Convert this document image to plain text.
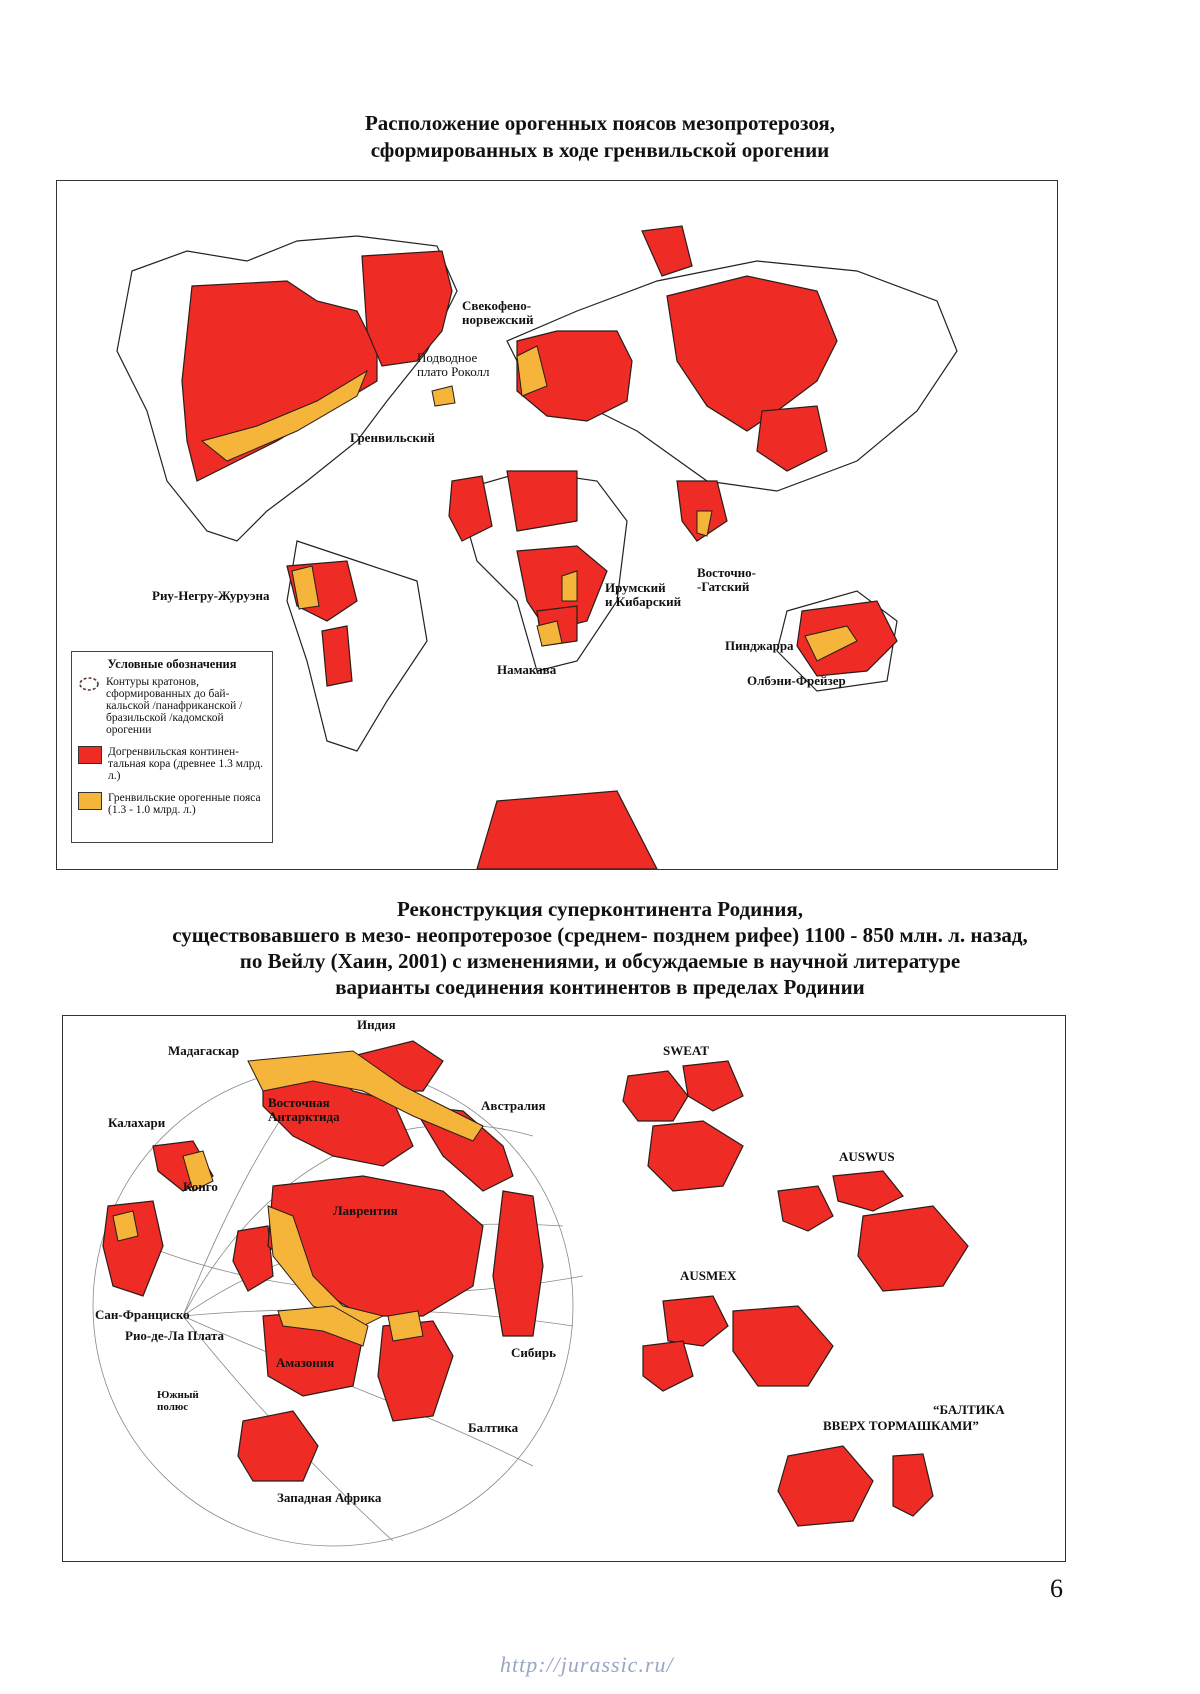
Расположение орогенных поясов мезопротерозоя,
сформированных в ходе гренвильской орогении
Свекофено-
норвежский
Подводное
плато Роколл
Гренвильский
Риу-Негру-Журуэна
Ирумский
и Кибарский
Восточно-
-Гатский
Намакава
Пинджарра
Олбэни-Фрейзер
Условные обозначения
Контуры кратонов, сформированных до бай-кальской /панафриканской /бразильской /кадомской орогении
Догренвильская континен-тальная кора (древнее 1.3 млрд. л.)
Гренвильские орогенные пояса (1.3 - 1.0 млрд. л.)
Реконструкция суперконтинента Родиния,
существовавшего в мезо- неопротерозое (среднем- позднем рифее) 1100 - 850 млн. л. назад,
по Вейлу (Хаин, 2001) с изменениями, и обсуждаемые в научной литературе
варианты соединения континентов в пределах Родинии
Индия
Мадагаскар
Восточная
Антарктида
Австралия
Калахари
Конго
Лаврентия
Сан-Франциско
Рио-де-Ла Плата
Амазония
Южный
полюс
Сибирь
Балтика
Западная Африка
SWEAT
AUSWUS
AUSMEX
“БАЛТИКА
ВВЕРХ ТОРМАШКАМИ”
6
http://jurassic.ru/
